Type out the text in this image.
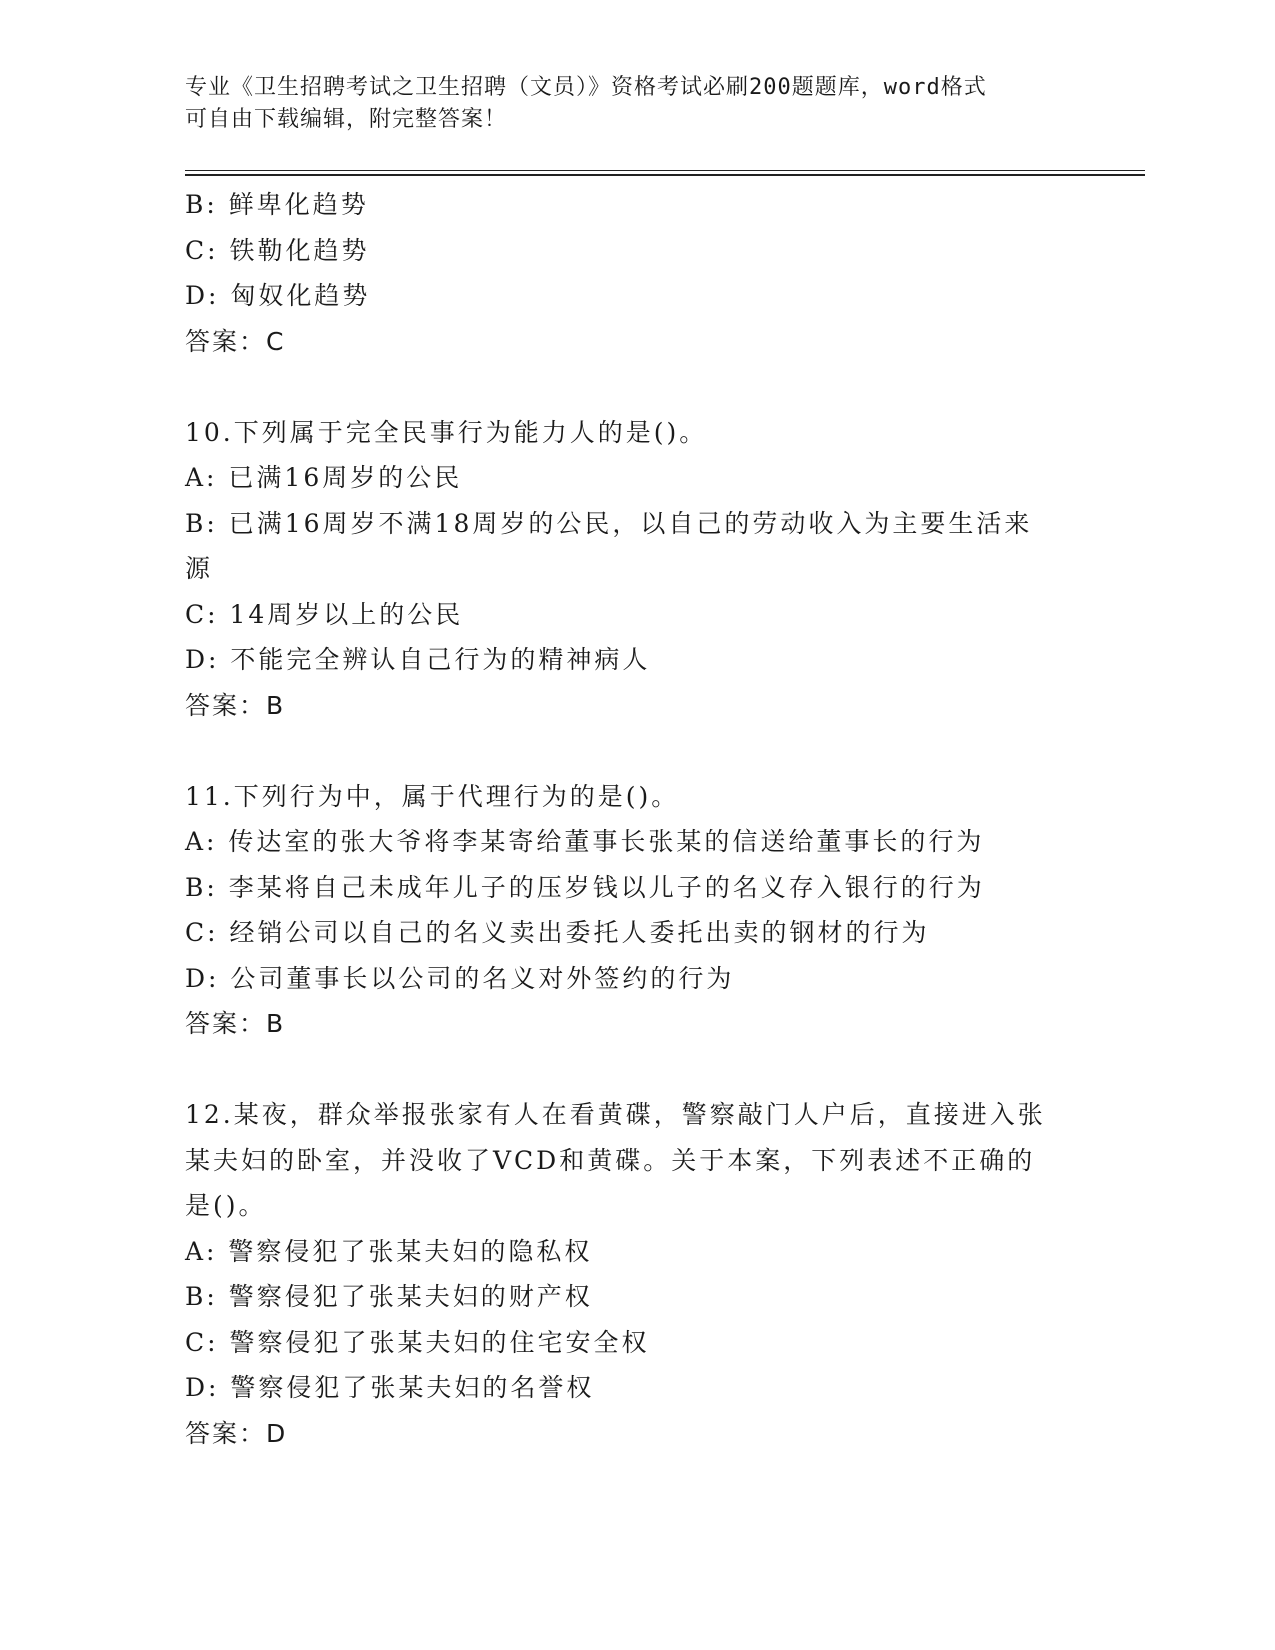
专业《卫生招聘考试之卫生招聘（文员）》资格考试必刷200题题库，word格式
可自由下载编辑，附完整答案！

B: 鲜卑化趋势

C: 铁勒化趋势

D: 匈奴化趋势

答案：C

10.下列属于完全民事行为能力人的是()。

A: 已满16周岁的公民

B: 已满16周岁不满18周岁的公民，以自己的劳动收入为主要生活来

源

C: 14周岁以上的公民

D: 不能完全辨认自己行为的精神病人

答案：B

11.下列行为中，属于代理行为的是()。

A: 传达室的张大爷将李某寄给董事长张某的信送给董事长的行为

B: 李某将自己未成年儿子的压岁钱以儿子的名义存入银行的行为

C: 经销公司以自己的名义卖出委托人委托出卖的钢材的行为

D: 公司董事长以公司的名义对外签约的行为

答案：B

12.某夜，群众举报张家有人在看黄碟，警察敲门人户后，直接进入张

某夫妇的卧室，并没收了VCD和黄碟。关于本案，下列表述不正确的

是()。

A: 警察侵犯了张某夫妇的隐私权

B: 警察侵犯了张某夫妇的财产权

C: 警察侵犯了张某夫妇的住宅安全权

D: 警察侵犯了张某夫妇的名誉权

答案：D
